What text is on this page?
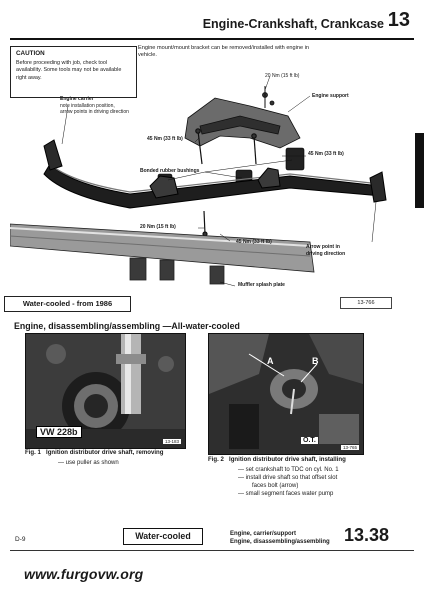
Engine-Crankshaft, Crankcase 13
CAUTION
Before proceeding with job, check tool availability. Some tools may not be available right away.
Engine mount/mount bracket can be removed/installed with engine in vehicle.
20 Nm (15 ft lb)
Engine support
Engine carrier
note installation position,
arrow points in driving direction
45 Nm (33 ft lb)
45 Nm (33 ft lb)
Bonded rubber bushings
20 Nm (15 ft lb)
45 Nm (33 ft lb)
Arrow point in
driving direction
Muffler splash plate
Water-cooled - from 1986	13-766
Engine, disassembling/assembling —All-water-cooled
VW 228b
13-183
A	B
O.T.
13-765
Fig. 1 Ignition distributor drive shaft, removing
— use puller as shown	Fig. 2 Ignition distributor drive shaft, installing
— set crankshaft to TDC on cyl. No. 1
— install drive shaft so that offset slot
faces bolt (arrow)
— small segment faces water pump
D-9	Water-cooled	Engine, carrier/support
Engine, disassembling/assembling 13.38
www.furgovw.org
